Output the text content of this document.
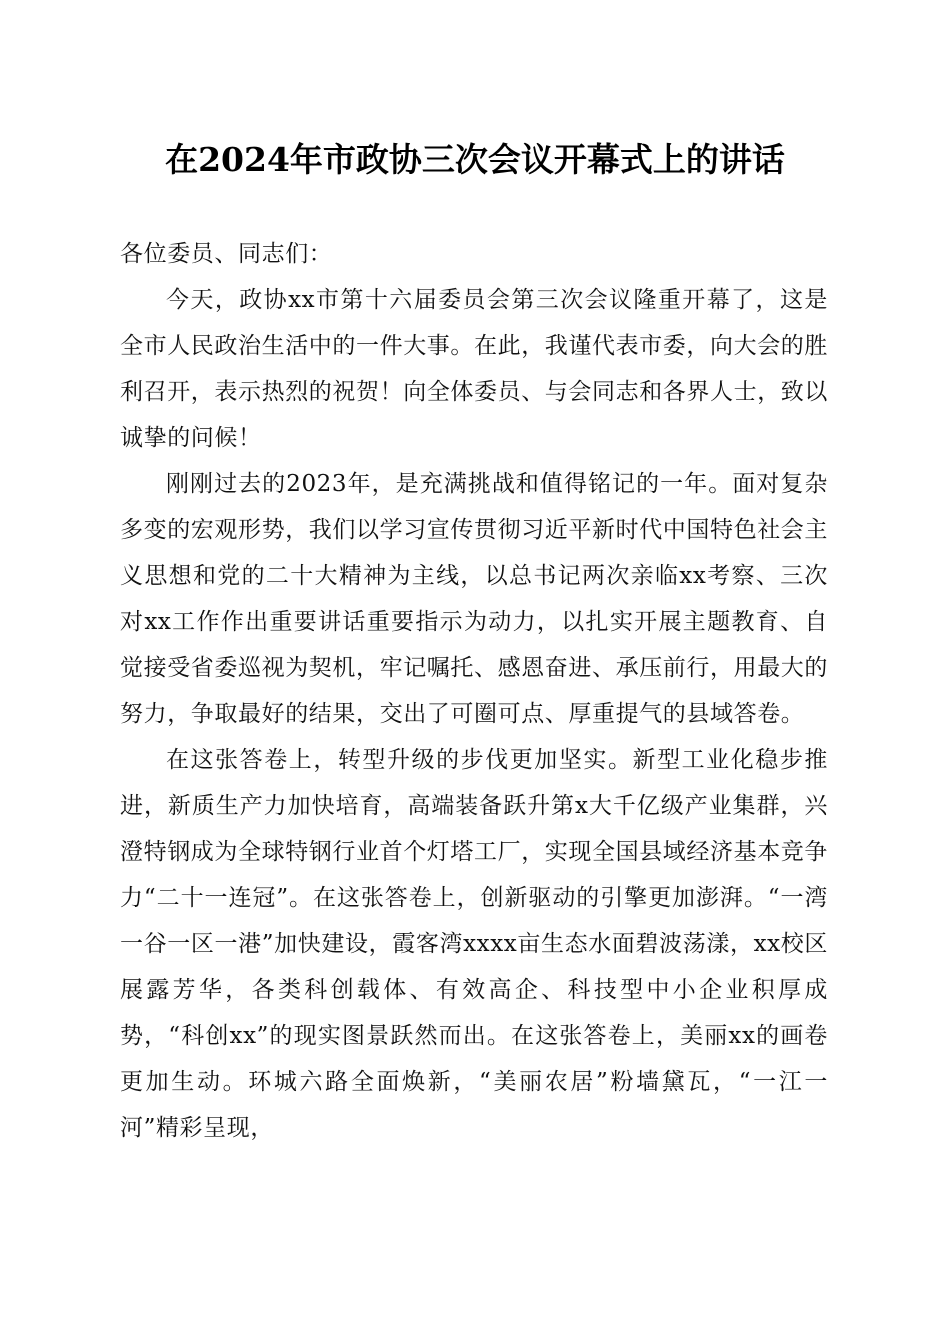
在2024年市政协三次会议开幕式上的讲话

各位委员、同志们：

今天，政协xx市第十六届委员会第三次会议隆重开幕了，这是全市人民政治生活中的一件大事。在此，我谨代表市委，向大会的胜利召开，表示热烈的祝贺！向全体委员、与会同志和各界人士，致以诚挚的问候！

刚刚过去的2023年，是充满挑战和值得铭记的一年。面对复杂多变的宏观形势，我们以学习宣传贯彻习近平新时代中国特色社会主义思想和党的二十大精神为主线，以总书记两次亲临xx考察、三次对xx工作作出重要讲话重要指示为动力，以扎实开展主题教育、自觉接受省委巡视为契机，牢记嘱托、感恩奋进、承压前行，用最大的努力，争取最好的结果，交出了可圈可点、厚重提气的县域答卷。

在这张答卷上，转型升级的步伐更加坚实。新型工业化稳步推进，新质生产力加快培育，高端装备跃升第x大千亿级产业集群，兴澄特钢成为全球特钢行业首个灯塔工厂，实现全国县域经济基本竞争力“二十一连冠”。在这张答卷上，创新驱动的引擎更加澎湃。“一湾一谷一区一港”加快建设，霞客湾xxxx亩生态水面碧波荡漾，xx校区展露芳华，各类科创载体、有效高企、科技型中小企业积厚成势，“科创xx”的现实图景跃然而出。在这张答卷上，美丽xx的画卷更加生动。环城六路全面焕新，“美丽农居”粉墙黛瓦，“一江一河”精彩呈现，
